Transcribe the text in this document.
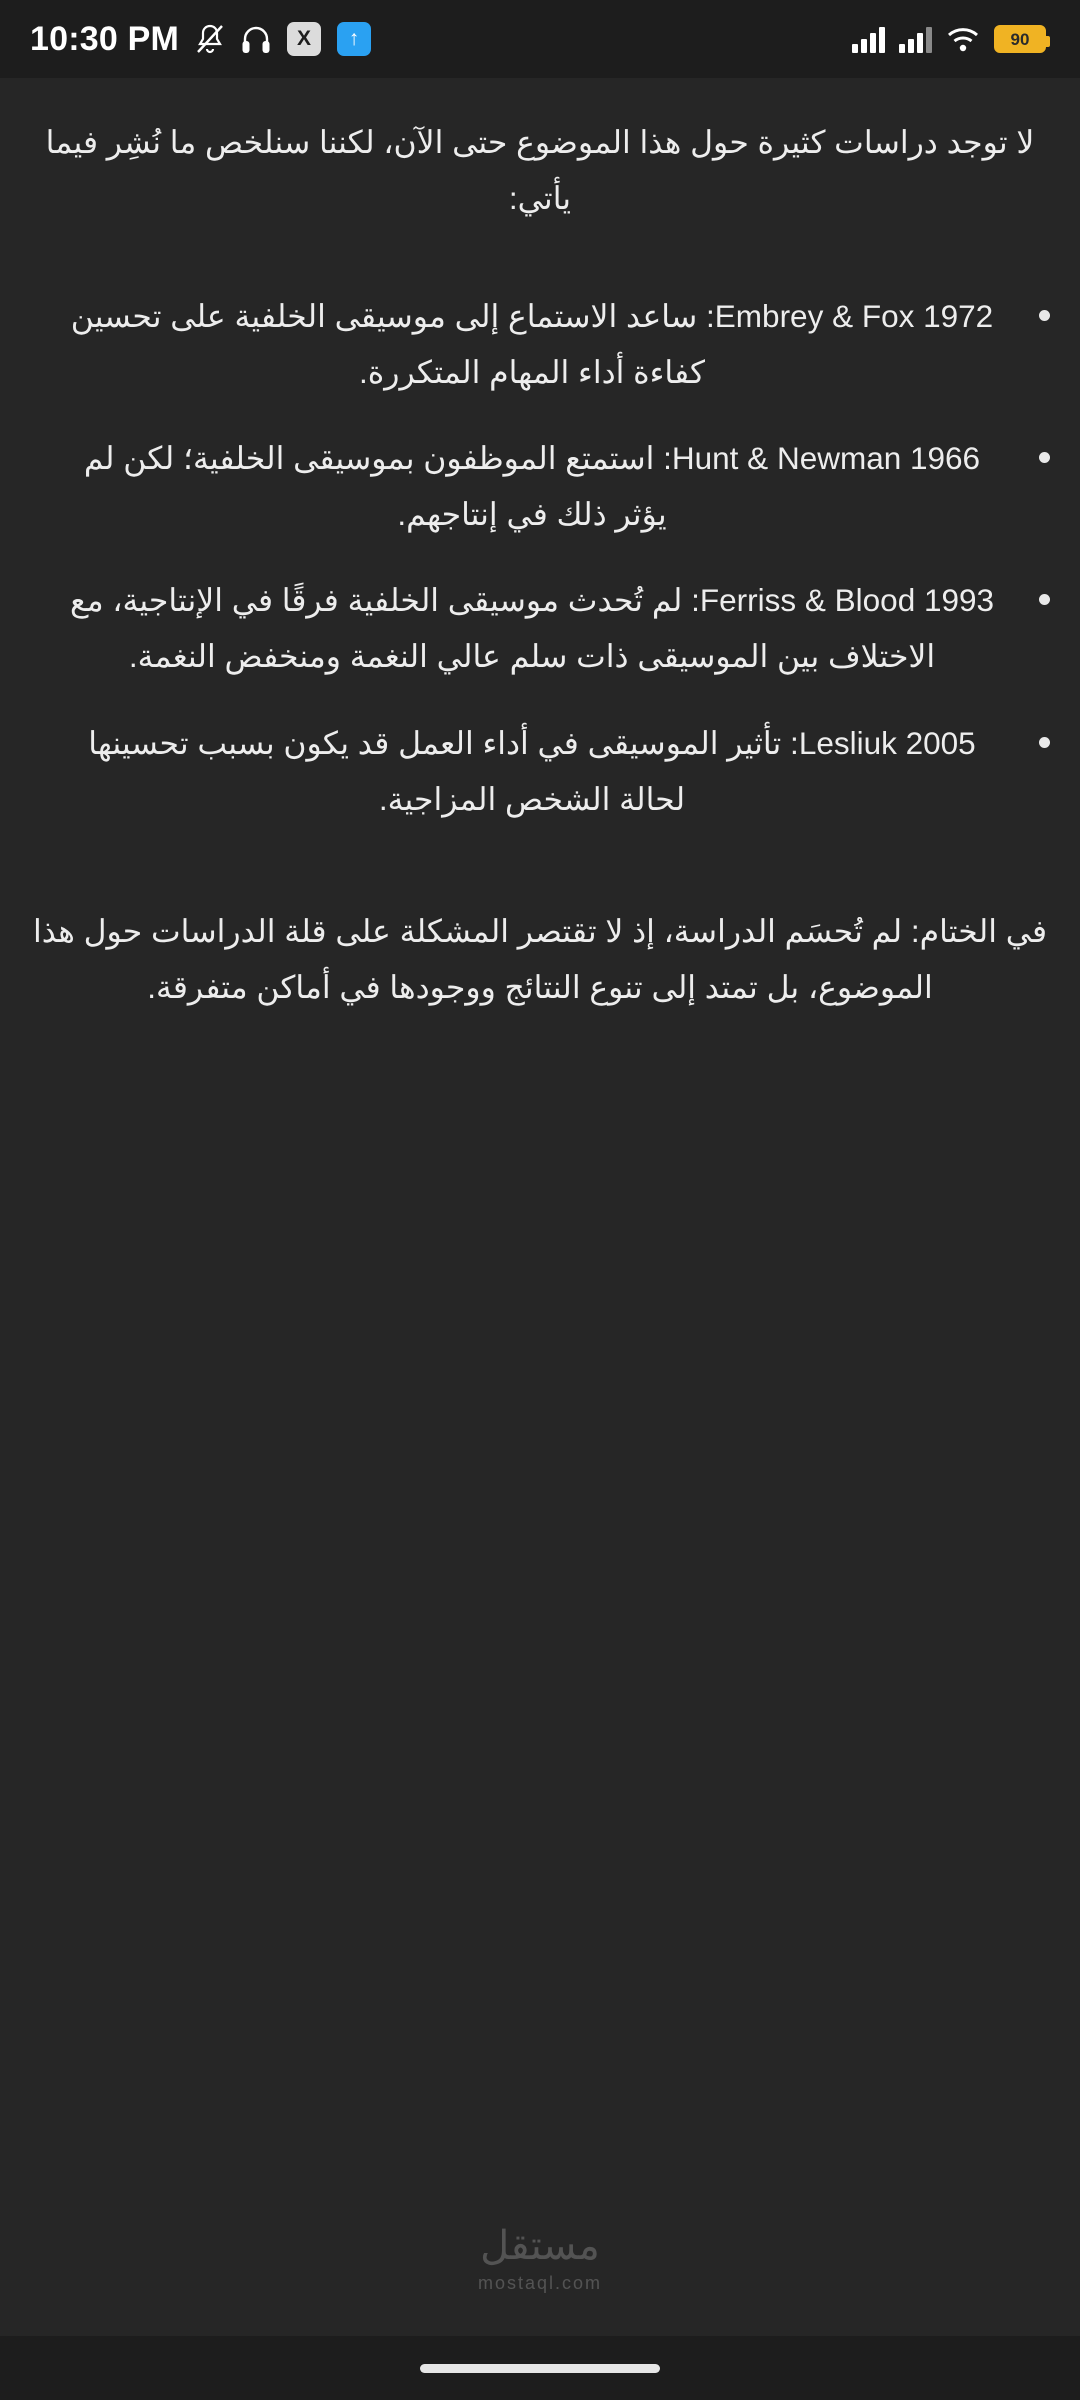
10:30 PM	X	↑	90

لا توجد دراسات كثيرة حول هذا الموضوع حتى الآن، لكننا سنلخص ما نُشِر فيما يأتي:

Embrey & Fox 1972: ساعد الاستماع إلى موسيقى الخلفية على تحسين كفاءة أداء المهام المتكررة.
Hunt & Newman 1966: استمتع الموظفون بموسيقى الخلفية؛ لكن لم يؤثر ذلك في إنتاجهم.
Ferriss & Blood 1993: لم تُحدث موسيقى الخلفية فرقًا في الإنتاجية، مع الاختلاف بين الموسيقى ذات سلم عالي النغمة ومنخفض النغمة.
Lesliuk 2005: تأثير الموسيقى في أداء العمل قد يكون بسبب تحسينها لحالة الشخص المزاجية.

في الختام: لم تُحسَم الدراسة، إذ لا تقتصر المشكلة على قلة الدراسات حول هذا الموضوع، بل تمتد إلى تنوع النتائج ووجودها في أماكن متفرقة.

مستقل
mostaql.com
